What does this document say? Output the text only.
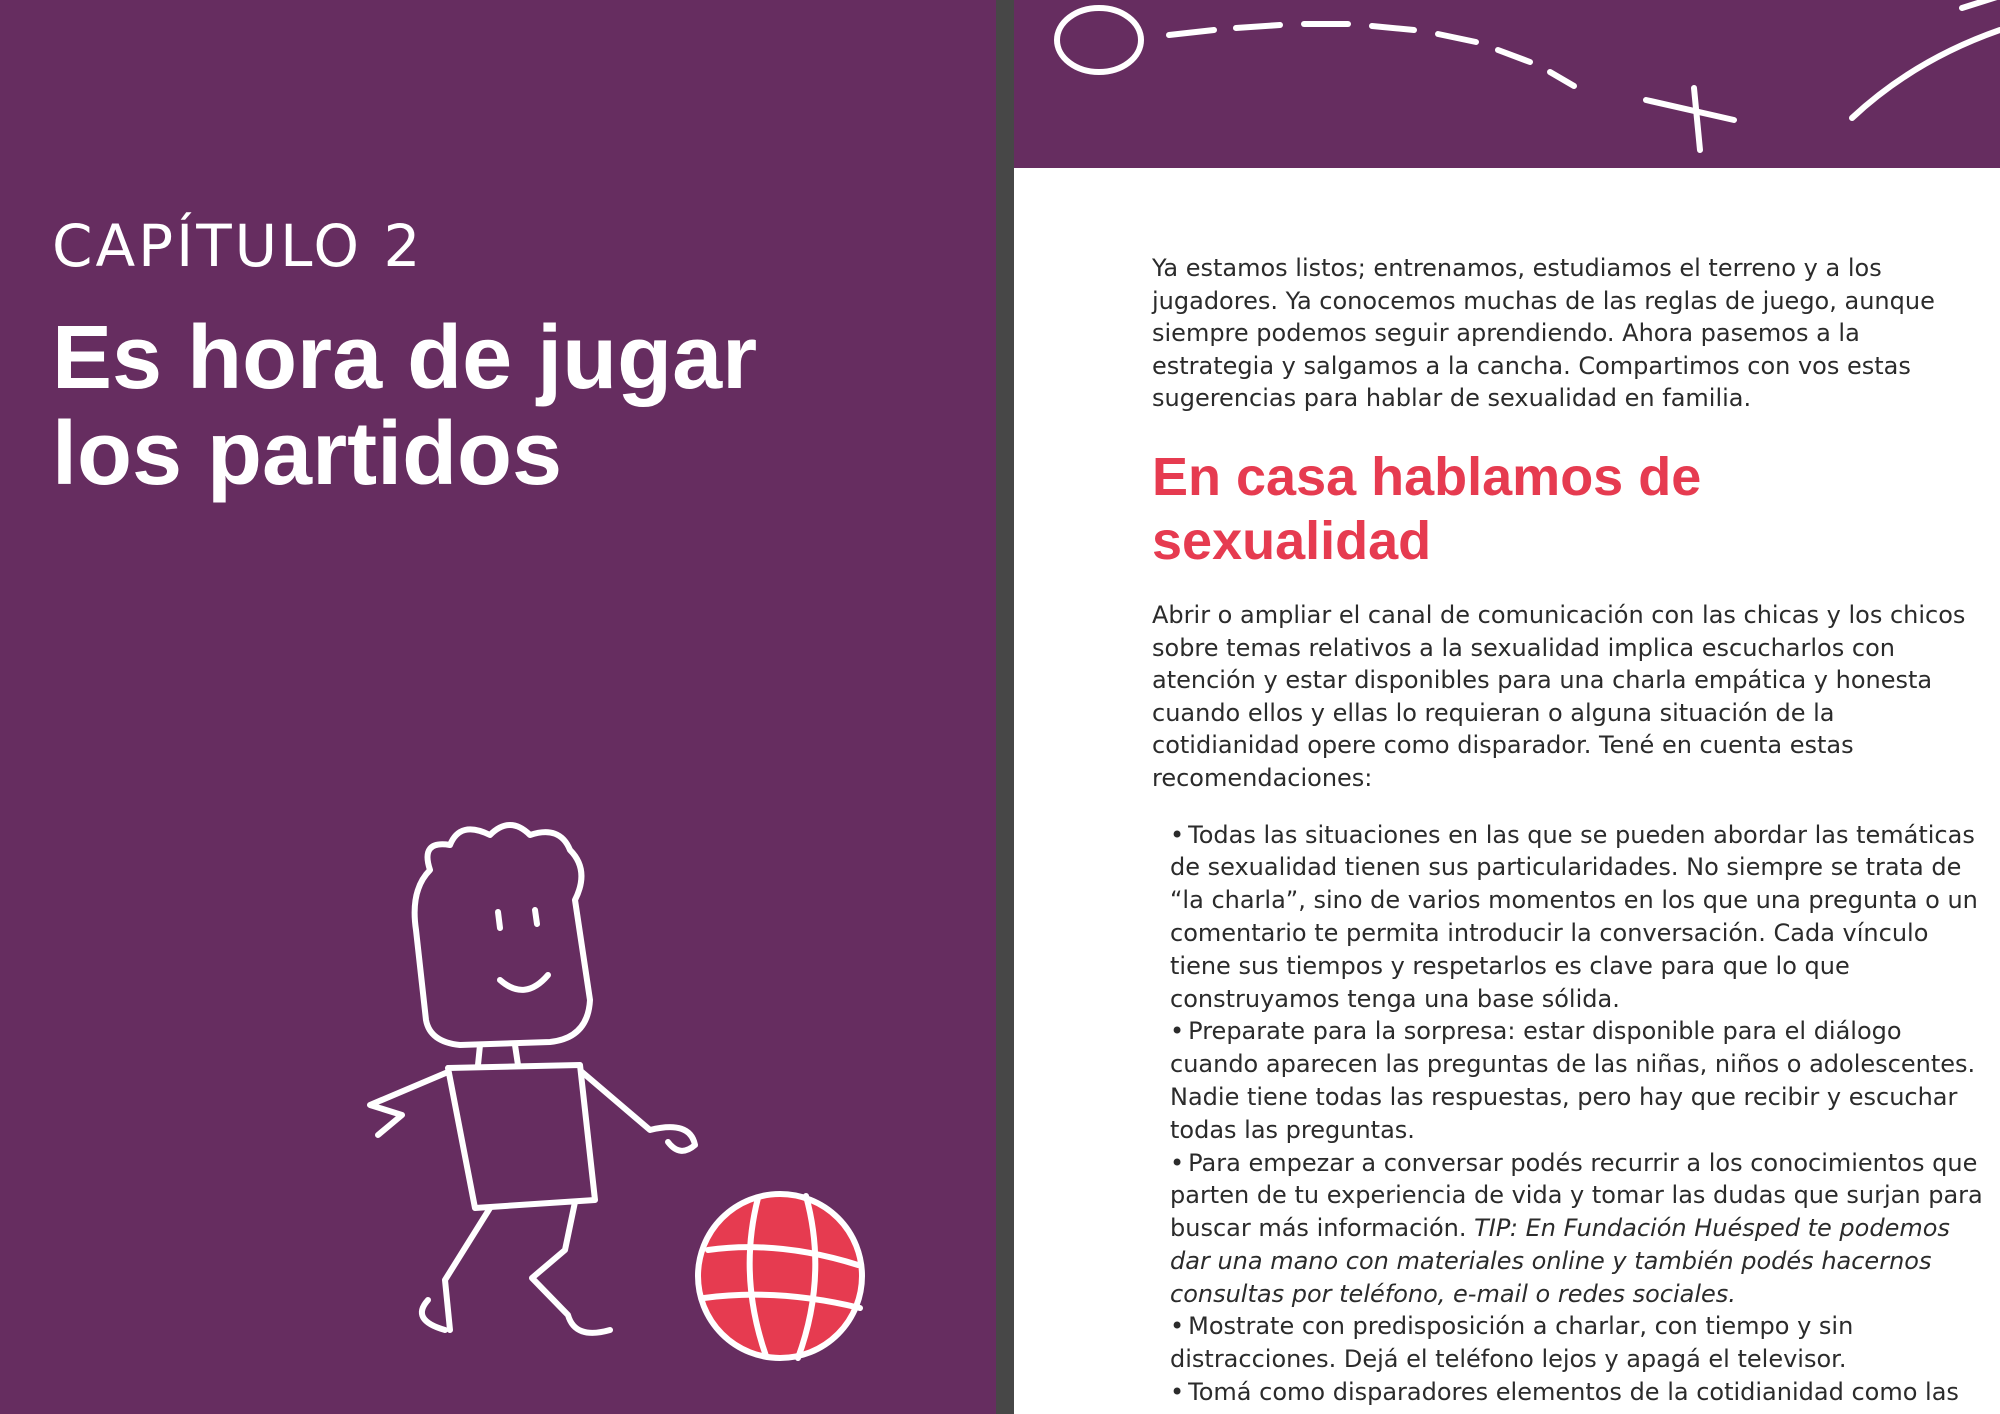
CAPÍTULO 2
Es hora de jugar
los partidos

Ya estamos listos; entrenamos, estudiamos el terreno y a los jugadores. Ya conocemos muchas de las reglas de juego, aunque siempre podemos seguir aprendiendo. Ahora pasemos a la estrategia y salgamos a la cancha. Compartimos con vos estas sugerencias para hablar de sexualidad en familia.

En casa hablamos de
sexualidad

Abrir o ampliar el canal de comunicación con las chicas y los chicos sobre temas relativos a la sexualidad implica escucharlos con atención y estar disponibles para una charla empática y honesta cuando ellos y ellas lo requieran o alguna situación de la cotidianidad opere como disparador. Tené en cuenta estas recomendaciones:

• Todas las situaciones en las que se pueden abordar las temáticas de sexualidad tienen sus particularidades. No siempre se trata de “la charla”, sino de varios momentos en los que una pregunta o un comentario te permita introducir la conversación. Cada vínculo tiene sus tiempos y respetarlos es clave para que lo que construyamos tenga una base sólida.
• Preparate para la sorpresa: estar disponible para el diálogo cuando aparecen las preguntas de las niñas, niños o adolescentes. Nadie tiene todas las respuestas, pero hay que recibir y escuchar todas las preguntas.
• Para empezar a conversar podés recurrir a los conocimientos que parten de tu experiencia de vida y tomar las dudas que surjan para buscar más información. TIP: En Fundación Huésped te podemos dar una mano con materiales online y también podés hacernos consultas por teléfono, e-mail o redes sociales.
• Mostrate con predisposición a charlar, con tiempo y sin distracciones. Dejá el teléfono lejos y apagá el televisor.
• Tomá como disparadores elementos de la cotidianidad como las
